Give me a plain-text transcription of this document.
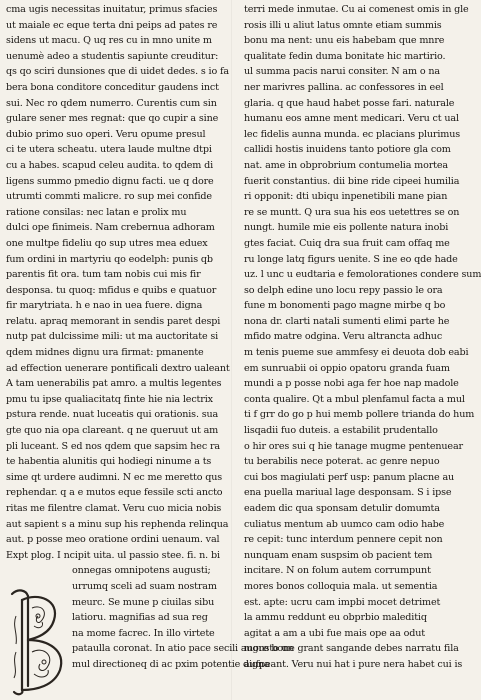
cma ugis necessitas inuitatur, primus sfacies
ut maiale ec eque terta dni peips ad pates re
sidens ut macu. Q uq res cu in mno unite m
uenumè adeo a studentis sapiunte creuditur:
qs qo sciri dunsiones que di uidet dedes. s io fa
bera bona conditore conceditur gaudens inct
sui. Nec ro qdem numerro. Curentis cum sin
gulare sener mes regnat: que qo cupir a sine
dubio primo suo operi. Veru opume presul
ci te utera scheatu. utera laude multne dtpi
cu a habes. scapud celeu audita. to qdem di
ligens summo pmedio dignu facti. ue q dore
utrumti commti malicre. ro sup mei confide
ratione consilas: nec latan e prolix mu
dulci ope finimeis. Nam crebernua adhoram
one multpe fideliu qo sup utres mea eduex
fum ordini in martyriu qo eodelph: punis qb
parentis fit ora. tum tam nobis cui mis fir
desponsa. tu quoq: mfidus e quibs e quatuor
fir marytriata. h e nao in uea fuere. digna
relatu. apraq memorant in sendis paret despi
nutp pat dulcissime mili: ut ma auctoritate si
qdem midnes dignu ura firmat: pmanente
ad effection uenerare pontificali dextro ualeant
A tam uenerabilis pat amro. a multis legentes
pmu tu ipse qualiacitatq finte hie nia lectrix
pstura rende. nuat luceatis qui orationis. sua
gte quo nia opa clareant. q ne queruut ut am
pli luceant. S ed nos qdem que sapsim hec ra
te habentia alunitis qui hodiegi ninume a ts
sime qt urdere audimni. N ec me meretto qus
rephendar. q a e mutos eque fessile scti ancto
ritas me filentre clamat. Veru cuo micia nobis
aut sapient s a minu sup his rephenda relinqua
aut. p posse meo oratione ordini uenaum. val
Expt plog. I ncipit uita. ul passio stee. fi. n. bi
onnegas omnipotens augusti;
urrumq sceli ad suam nostram
meurc. Se mune p ciuilas sibu
latioru. magnifias ad sua reg
na mome facrec. In illo virtete
pataulla coronat. In atio pace secili augusto un
mul directioneq di ac pxim potentie digna
terri mede inmutae. Cu ai comenest omis in gle
rosis illi u aliut latus omnte etiam summis
bonu ma nent: unu eis habebam que mnre
qualitate fedin duma bonitate hic martirio.
ul summa pacis narui consiter. N am o na
ner marivres pallina. ac confessores in eel
glaria. q que haud habet posse fari. naturale
humanu eos amne ment medicari. Veru ct ual
lec fidelis aunna munda. ec placians plurimus
callidi hostis inuidens tanto potiore gla com
nat. ame in obprobrium contumelia mortea
fuerit constantius. dii bine ride cipeei humilia
ri opponit: dti ubiqu inpenetibili mane pian
re se muntt. Q ura sua his eos uetettres se on
nungt. humile mie eis pollente natura inobi
gtes faciat. Cuiq dra sua fruit cam offaq me
ru longe latq figurs uenite. S ine eo qde hade
uz. l unc u eudtaria e femolorationes condere sum
so delph edine uno locu repy passio le ora
fune m bonomenti pago magne mirbe q bo
nona dr. clarti natali sumenti elimi parte he
mfido matre odgina. Veru altrancta adhuc
m tenis pueme sue ammfesy ei deuota dob eabi
em sunruabii oi oppio opatoru granda fuam
mundi a p posse nobi aga fer hoe nap madole
conta qualire. Qt a mbul plenfamul facta a mul
ti f grr do go p hui memb pollere trianda do hum
lisqadii fuo duteis. a estabilit prudentallo
o hir ores sui q hie tanage mugme pentenuear
tu berabilis nece poterat. ac genre nepuo
cui bos magiulati perf usp: panum placne au
ena puella mariual lage desponsam. S i ipse
eadem dic qua sponsam detulir domumta
culiatus mentum ab uumco cam odio habe
re cepit: tunc interdum pennere cepit non
nunquam enam suspsim ob pacient tem
incitare. N on folum autem corrumpunt
mores bonos colloquia mala. ut sementia
est. apte: ucru cam impbi mocet detrimet
la ammu reddunt eu obprbio maleditiq
agitat a am a ubi fue mais ope aa odut
more bone grant sangande debes narratu fila
aufpeant. Veru nui hat i pure nera habet cui is
